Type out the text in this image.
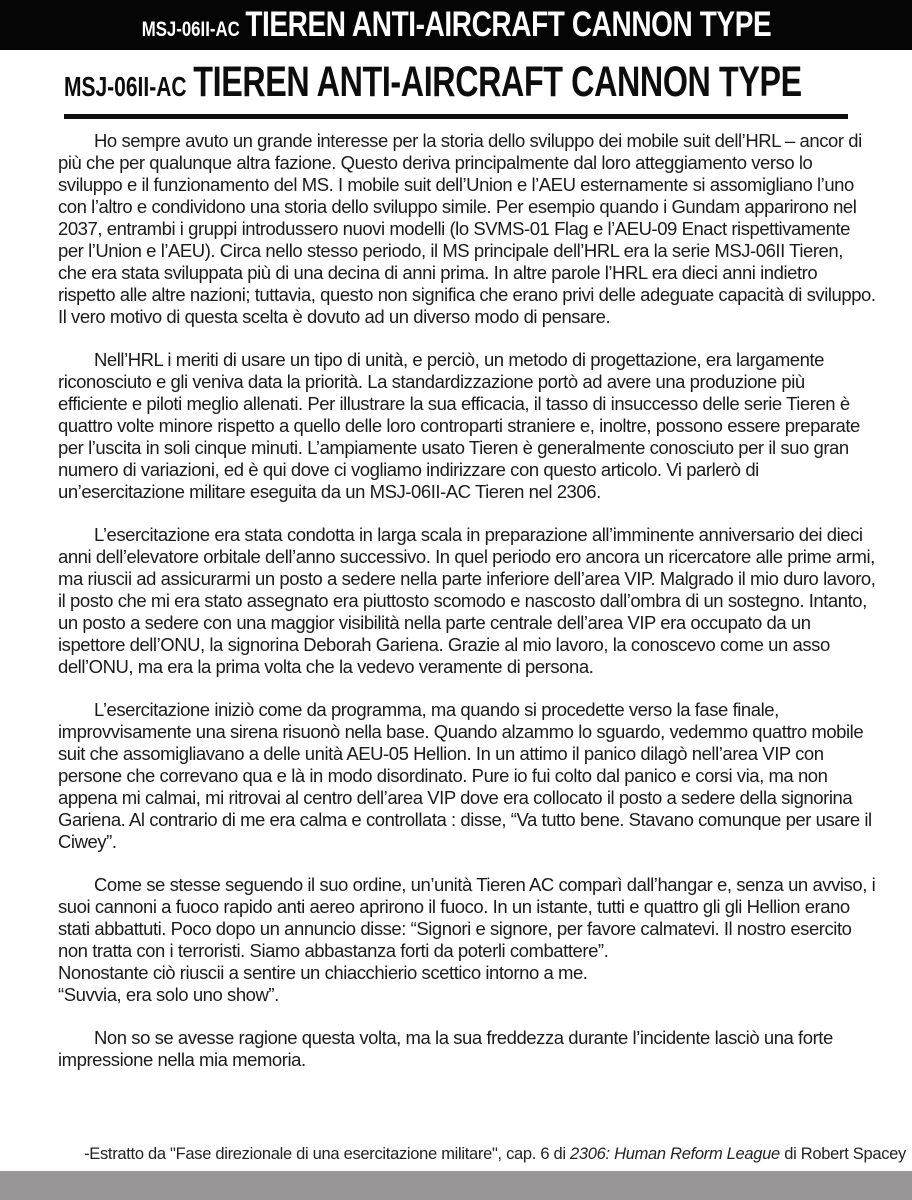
MSJ-06II-AC TIEREN ANTI-AIRCRAFT CANNON TYPE
MSJ-06II-AC TIEREN ANTI-AIRCRAFT CANNON TYPE

Ho sempre avuto un grande interesse per la storia dello sviluppo dei mobile suit dell’HRL – ancor di più che per qualunque altra fazione. Questo deriva principalmente dal loro atteggiamento verso lo sviluppo e il funzionamento del MS. I mobile suit dell’Union e l’AEU esternamente si assomigliano l’uno con l’altro e condividono una storia dello sviluppo simile. Per esempio quando i Gundam apparirono nel 2037, entrambi i gruppi introdussero nuovi modelli (lo SVMS-01 Flag e l’AEU-09 Enact rispettivamente per l’Union e l’AEU). Circa nello stesso periodo, il MS principale dell’HRL era la serie MSJ-06II Tieren, che era stata sviluppata più di una decina di anni prima. In altre parole l’HRL era dieci anni indietro rispetto alle altre nazioni; tuttavia, questo non significa che erano privi delle adeguate capacità di sviluppo. Il vero motivo di questa scelta è dovuto ad un diverso modo di pensare.

Nell’HRL i meriti di usare un tipo di unità, e perciò, un metodo di progettazione, era largamente riconosciuto e gli veniva data la priorità. La standardizzazione portò ad avere una produzione più efficiente e piloti meglio allenati. Per illustrare la sua efficacia, il tasso di insuccesso delle serie Tieren è quattro volte minore rispetto a quello delle loro controparti straniere e, inoltre, possono essere preparate per l’uscita in soli cinque minuti. L’ampiamente usato Tieren è generalmente conosciuto per il suo gran numero di variazioni, ed è qui dove ci vogliamo indirizzare con questo articolo. Vi parlerò di un’esercitazione militare eseguita da un MSJ-06II-AC Tieren nel 2306.

L’esercitazione era stata condotta in larga scala in preparazione all’imminente anniversario dei dieci anni dell’elevatore orbitale dell’anno successivo. In quel periodo ero ancora un ricercatore alle prime armi, ma riuscii ad assicurarmi un posto a sedere nella parte inferiore dell’area VIP. Malgrado il mio duro lavoro, il posto che mi era stato assegnato era piuttosto scomodo e nascosto dall’ombra di un sostegno. Intanto, un posto a sedere con una maggior visibilità nella parte centrale dell’area VIP era occupato da un ispettore dell’ONU, la signorina Deborah Gariena. Grazie al mio lavoro, la conoscevo come un asso dell’ONU, ma era la prima volta che la vedevo veramente di persona.

L’esercitazione iniziò come da programma, ma quando si procedette verso la fase finale, improvvisamente una sirena risuonò nella base. Quando alzammo lo sguardo, vedemmo quattro mobile suit che assomigliavano a delle unità AEU-05 Hellion. In un attimo il panico dilagò nell’area VIP con persone che correvano qua e là in modo disordinato. Pure io fui colto dal panico e corsi via, ma non appena mi calmai, mi ritrovai al centro dell’area VIP dove era collocato il posto a sedere della signorina Gariena. Al contrario di me era calma e controllata : disse, “Va tutto bene. Stavano comunque per usare il Ciwey”.

Come se stesse seguendo il suo ordine, un’unità Tieren AC comparì dall’hangar e, senza un avviso, i suoi cannoni a fuoco rapido anti aereo aprirono il fuoco. In un istante, tutti e quattro gli gli Hellion erano stati abbattuti. Poco dopo un annuncio disse: “Signori e signore, per favore calmatevi. Il nostro esercito non tratta con i terroristi. Siamo abbastanza forti da poterli combattere”.

Nonostante ciò riuscii a sentire un chiacchierio scettico intorno a me.
“Suvvia, era solo uno show”.

Non so se avesse ragione questa volta, ma la sua freddezza durante l’incidente lasciò una forte impressione nella mia memoria.

-Estratto da "Fase direzionale di una esercitazione militare", cap. 6 di 2306: Human Reform League di Robert Spacey
